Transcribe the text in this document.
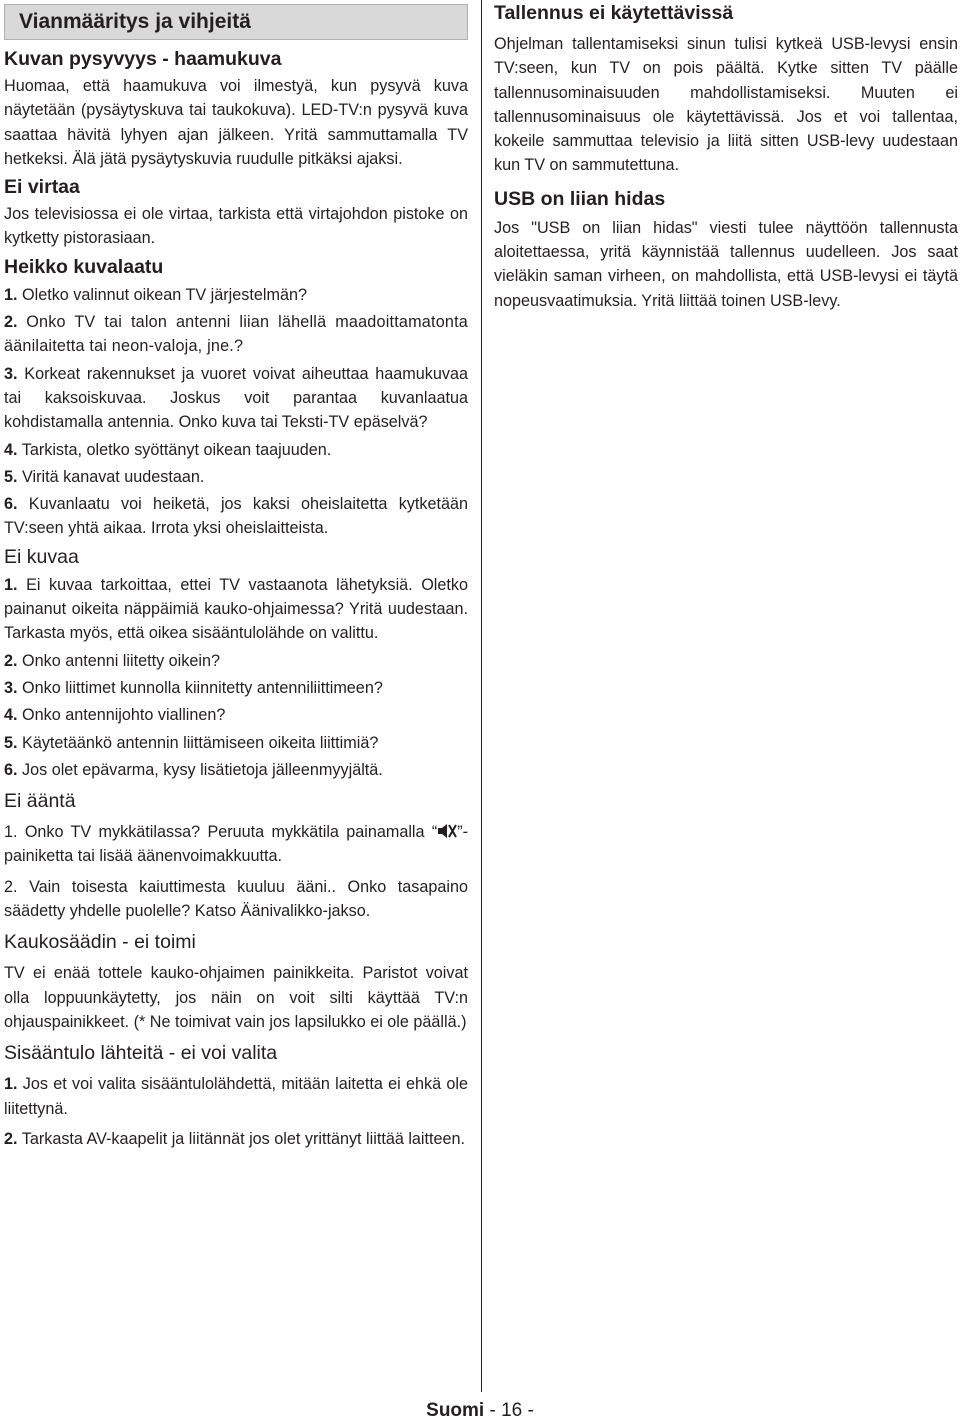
Vianmääritys ja vihjeitä
Kuvan pysyvyys - haamukuva

Huomaa, että haamukuva voi ilmestyä, kun pysyvä kuva näytetään (pysäytyskuva tai taukokuva). LED-TV:n pysyvä kuva saattaa hävitä lyhyen ajan jälkeen. Yritä sammuttamalla TV hetkeksi. Älä jätä pysäytyskuvia ruudulle pitkäksi ajaksi.

Ei virtaa

Jos televisiossa ei ole virtaa, tarkista että virtajohdon pistoke on kytketty pistorasiaan.

Heikko kuvalaatu

1. Oletko valinnut oikean TV järjestelmän?

2. Onko TV tai talon antenni liian lähellä maadoittamatonta äänilaitetta tai neon-valoja, jne.?

3. Korkeat rakennukset ja vuoret voivat aiheuttaa haamukuvaa tai kaksoiskuvaa. Joskus voit parantaa kuvanlaatua kohdistamalla antennia. Onko kuva tai Teksti-TV epäselvä?

4. Tarkista, oletko syöttänyt oikean taajuuden.

5. Viritä kanavat uudestaan.

6. Kuvanlaatu voi heiketä, jos kaksi oheislaitetta kytketään TV:seen yhtä aikaa. Irrota yksi oheislaitteista.

Ei kuvaa

1. Ei kuvaa tarkoittaa, ettei TV vastaanota lähetyksiä. Oletko painanut oikeita näppäimiä kauko-ohjaimessa? Yritä uudestaan. Tarkasta myös, että oikea sisääntulolähde on valittu.

2. Onko antenni liitetty oikein?

3. Onko liittimet kunnolla kiinnitetty antenniliittimeen?

4. Onko antennijohto viallinen?

5. Käytetäänkö antennin liittämiseen oikeita liittimiä?

6. Jos olet epävarma, kysy lisätietoja jälleenmyyjältä.

Ei ääntä

1. Onko TV mykkätilassa? Peruuta mykkätila painamalla “ ”-painiketta tai lisää äänenvoimakkuutta.

2. Vain toisesta kaiuttimesta kuuluu ääni.. Onko tasapaino säädetty yhdelle puolelle? Katso Äänivalikko-jakso.

Kaukosäädin - ei toimi

TV ei enää tottele kauko-ohjaimen painikkeita. Paristot voivat olla loppuunkäytetty, jos näin on voit silti käyttää TV:n ohjauspainikkeet. (* Ne toimivat vain jos lapsilukko ei ole päällä.)

Sisääntulo lähteitä - ei voi valita

1. Jos et voi valita sisääntulolähdettä, mitään laitetta ei ehkä ole liitettynä.

2. Tarkasta AV-kaapelit ja liitännät jos olet yrittänyt liittää laitteen.

Tallennus ei käytettävissä

Ohjelman tallentamiseksi sinun tulisi kytkeä USB-levysi ensin TV:seen, kun TV on pois päältä. Kytke sitten TV päälle tallennusominaisuuden mahdollistamiseksi. Muuten ei tallennusominaisuus ole käytettävissä. Jos et voi tallentaa, kokeile sammuttaa televisio ja liitä sitten USB-levy uudestaan kun TV on sammutettuna.

USB on liian hidas

Jos "USB on liian hidas" viesti tulee näyttöön tallennusta aloitettaessa, yritä käynnistää tallennus uudelleen. Jos saat vieläkin saman virheen, on mahdollista, että USB-levysi ei täytä nopeusvaatimuksia. Yritä liittää toinen USB-levy.

Suomi - 16 -
